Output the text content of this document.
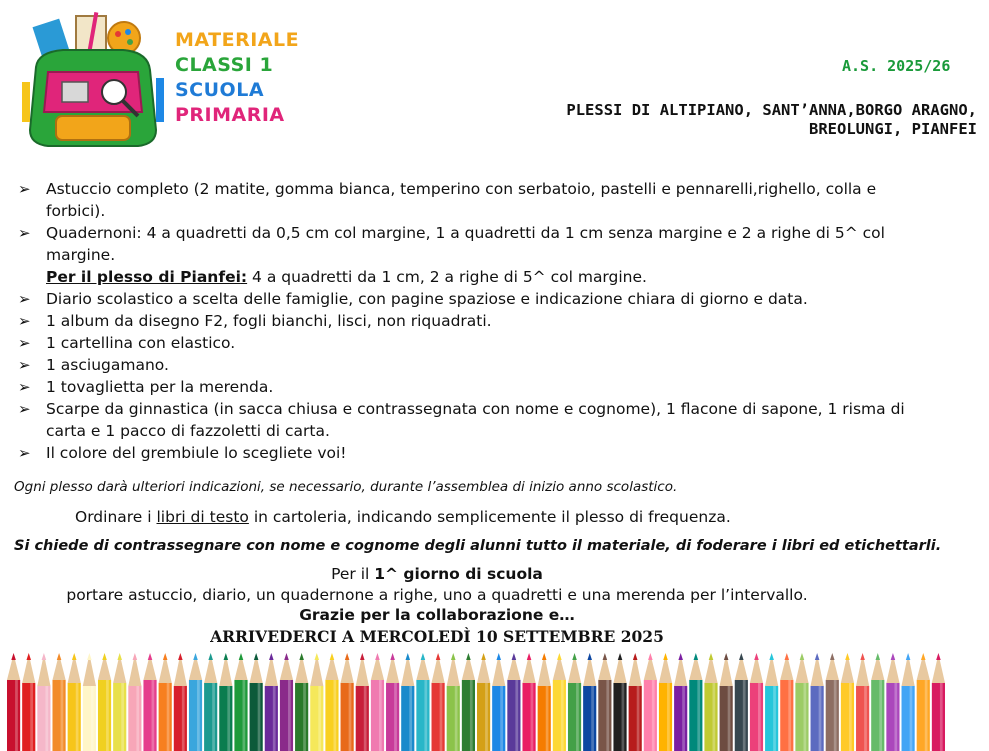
MATERIALE
CLASSI 1
SCUOLA
PRIMARIA
A.S. 2025/26
PLESSI DI ALTIPIANO, SANT’ANNA,BORGO ARAGNO,
BREOLUNGI, PIANFEI
➢ Astuccio completo (2 matite, gomma bianca, temperino con serbatoio, pastelli e pennarelli,righello, colla e forbici).
➢ Quadernoni: 4 a quadretti da 0,5 cm col margine, 1 a quadretti da 1 cm senza margine e 2 a righe di 5^ col margine.
Per il plesso di Pianfei: 4 a quadretti da 1 cm, 2 a righe di 5^ col margine.
➢ Diario scolastico a scelta delle famiglie, con pagine spaziose e indicazione chiara di giorno e data.
➢ 1 album da disegno F2, fogli bianchi, lisci, non riquadrati.
➢ 1 cartellina con elastico.
➢ 1 asciugamano.
➢ 1 tovaglietta per la merenda.
➢ Scarpe da ginnastica (in sacca chiusa e contrassegnata con nome e cognome), 1 flacone di sapone, 1 risma di carta e 1 pacco di fazzoletti di carta.
➢ Il colore del grembiule lo scegliete voi!
Ogni plesso darà ulteriori indicazioni, se necessario, durante l’assemblea di inizio anno scolastico.
Ordinare i libri di testo in cartoleria, indicando semplicemente il plesso di frequenza.
Si chiede di contrassegnare con nome e cognome degli alunni tutto il materiale, di foderare i libri ed etichettarli.
Per il 1^ giorno di scuola
portare astuccio, diario, un quadernone a righe, uno a quadretti e una merenda per l’intervallo.
Grazie per la collaborazione e…
ARRIVEDERCI A MERCOLEDÌ 10 SETTEMBRE 2025
